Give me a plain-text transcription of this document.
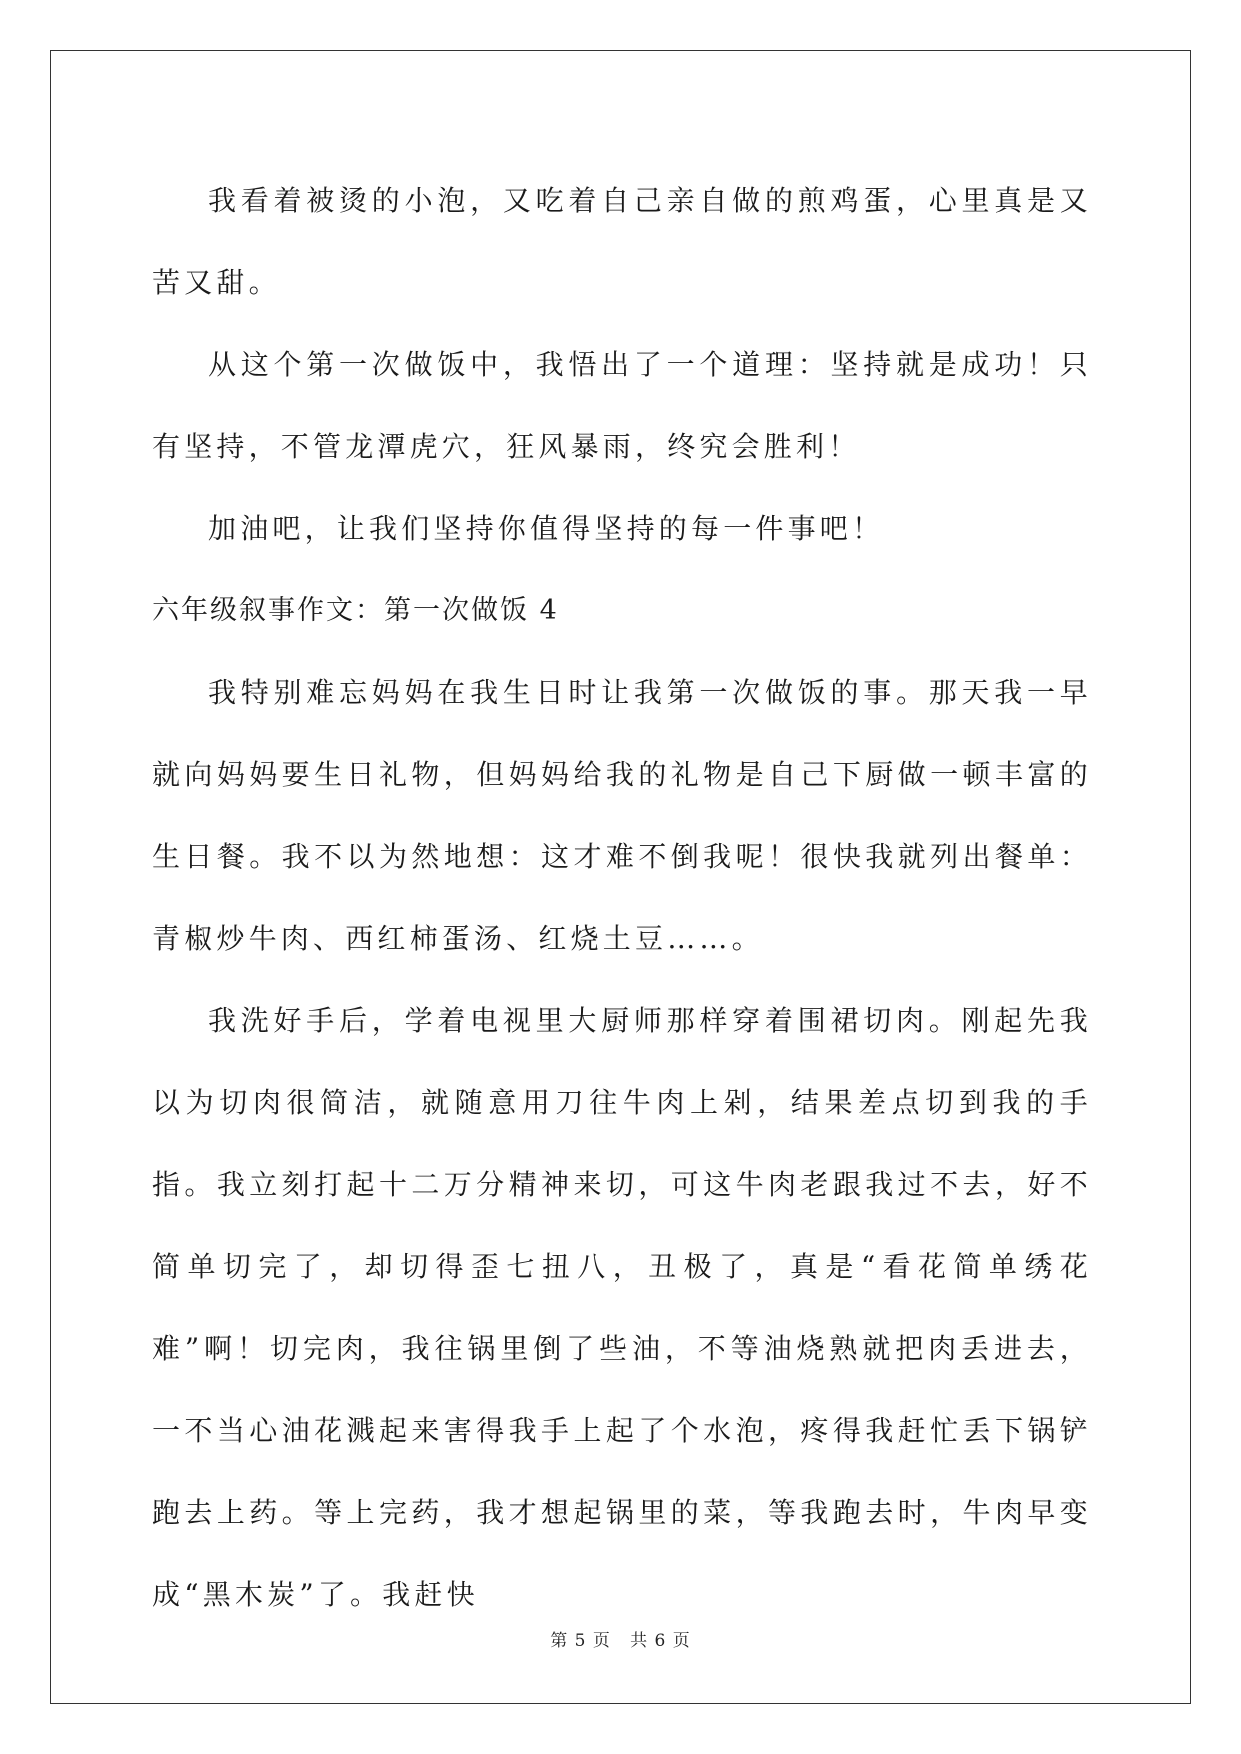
我看着被烫的小泡，又吃着自己亲自做的煎鸡蛋，心里真是又苦又甜。

从这个第一次做饭中，我悟出了一个道理：坚持就是成功！只有坚持，不管龙潭虎穴，狂风暴雨，终究会胜利！

加油吧，让我们坚持你值得坚持的每一件事吧！

六年级叙事作文：第一次做饭 4

我特别难忘妈妈在我生日时让我第一次做饭的事。那天我一早就向妈妈要生日礼物，但妈妈给我的礼物是自己下厨做一顿丰富的生日餐。我不以为然地想：这才难不倒我呢！很快我就列出餐单：青椒炒牛肉、西红柿蛋汤、红烧土豆……。

我洗好手后，学着电视里大厨师那样穿着围裙切肉。刚起先我以为切肉很简洁，就随意用刀往牛肉上剁，结果差点切到我的手指。我立刻打起十二万分精神来切，可这牛肉老跟我过不去，好不简单切完了，却切得歪七扭八，丑极了，真是“看花简单绣花难”啊！切完肉，我往锅里倒了些油，不等油烧熟就把肉丢进去，一不当心油花溅起来害得我手上起了个水泡，疼得我赶忙丢下锅铲跑去上药。等上完药，我才想起锅里的菜，等我跑去时，牛肉早变成“黑木炭”了。我赶快

第 5 页 共 6 页
